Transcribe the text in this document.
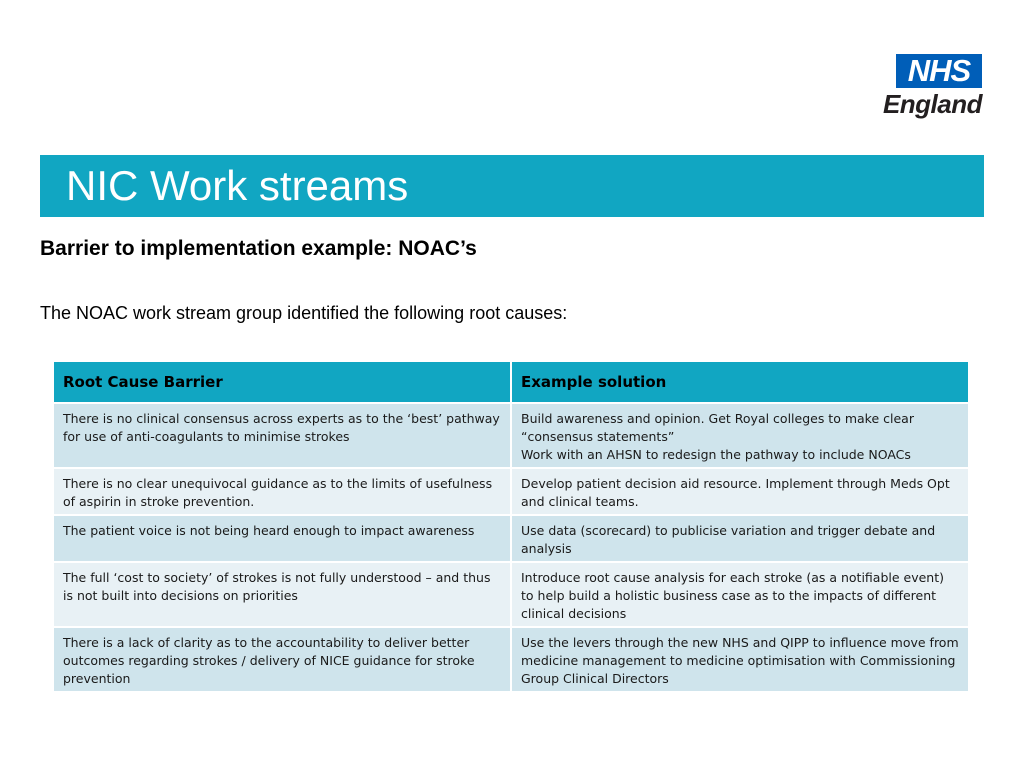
NHS
England
NIC Work streams
Barrier to implementation example: NOAC’s
The NOAC work stream group identified the following root causes:
Root Cause Barrier	Example solution
There is no clinical consensus across experts as to the ‘best’ pathway for use of anti-coagulants to minimise strokes	Build awareness and opinion. Get Royal colleges to make clear “consensus statements”
Work with an AHSN to redesign the pathway to include NOACs

There is no clear unequivocal guidance as to the limits of usefulness of aspirin in stroke prevention.	Develop patient decision aid resource. Implement through Meds Opt and clinical teams.

The patient voice is not being heard enough to impact awareness	Use data (scorecard) to publicise variation and trigger debate and analysis

The full ‘cost to society’ of strokes is not fully understood – and thus is not built into decisions on priorities	Introduce root cause analysis for each stroke (as a notifiable event) to help build a holistic business case as to the impacts of different clinical decisions

There is a lack of clarity as to the accountability to deliver better outcomes regarding strokes / delivery of NICE guidance for stroke prevention	Use the levers through the new NHS and QIPP to influence move from medicine management to medicine optimisation with Commissioning Group Clinical Directors
